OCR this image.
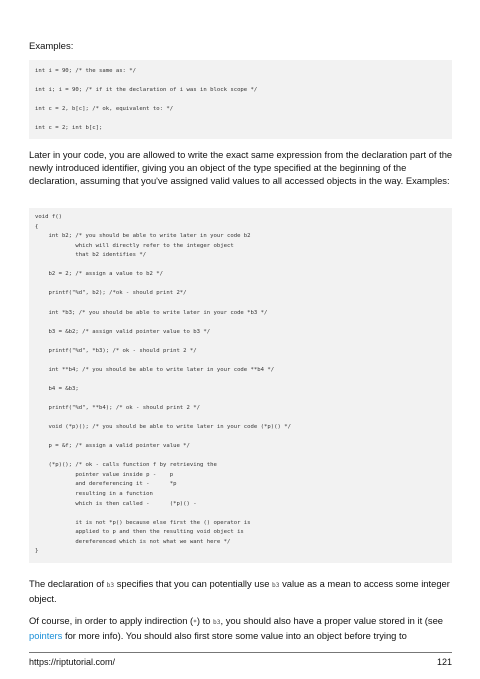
Examples:
int i = 90; /* the same as: */
int i; i = 90; /* if it the declaration of i was in block scope */
int c = 2, b[c]; /* ok, equivalent to: */
int c = 2; int b[c];
Later in your code, you are allowed to write the exact same expression from the declaration part of the newly introduced identifier, giving you an object of the type specified at the beginning of the declaration, assuming that you've assigned valid values to all accessed objects in the way. Examples:
void f()
{
int b2; /* you should be able to write later in your code b2
which will directly refer to the integer object
that b2 identifies */
b2 = 2; /* assign a value to b2 */
printf("%d", b2); /*ok - should print 2*/
int *b3; /* you should be able to write later in your code *b3 */
b3 = &b2; /* assign valid pointer value to b3 */
printf("%d", *b3); /* ok - should print 2 */
int **b4; /* you should be able to write later in your code **b4 */
b4 = &b3;
printf("%d", **b4); /* ok - should print 2 */
void (*p)(); /* you should be able to write later in your code (*p)() */
p = &f; /* assign a valid pointer value */
(*p)(); /* ok - calls function f by retrieving the
pointer value inside p -    p
and dereferencing it -      *p
resulting in a function
which is then called -      (*p)() -
it is not *p() because else first the () operator is
applied to p and then the resulting void object is
dereferenced which is not what we want here */
}
The declaration of b3 specifies that you can potentially use b3 value as a mean to access some integer object.
Of course, in order to apply indirection (*) to b3, you should also have a proper value stored in it (see pointers for more info). You should also first store some value into an object before trying to
https://riptutorial.com/	121
